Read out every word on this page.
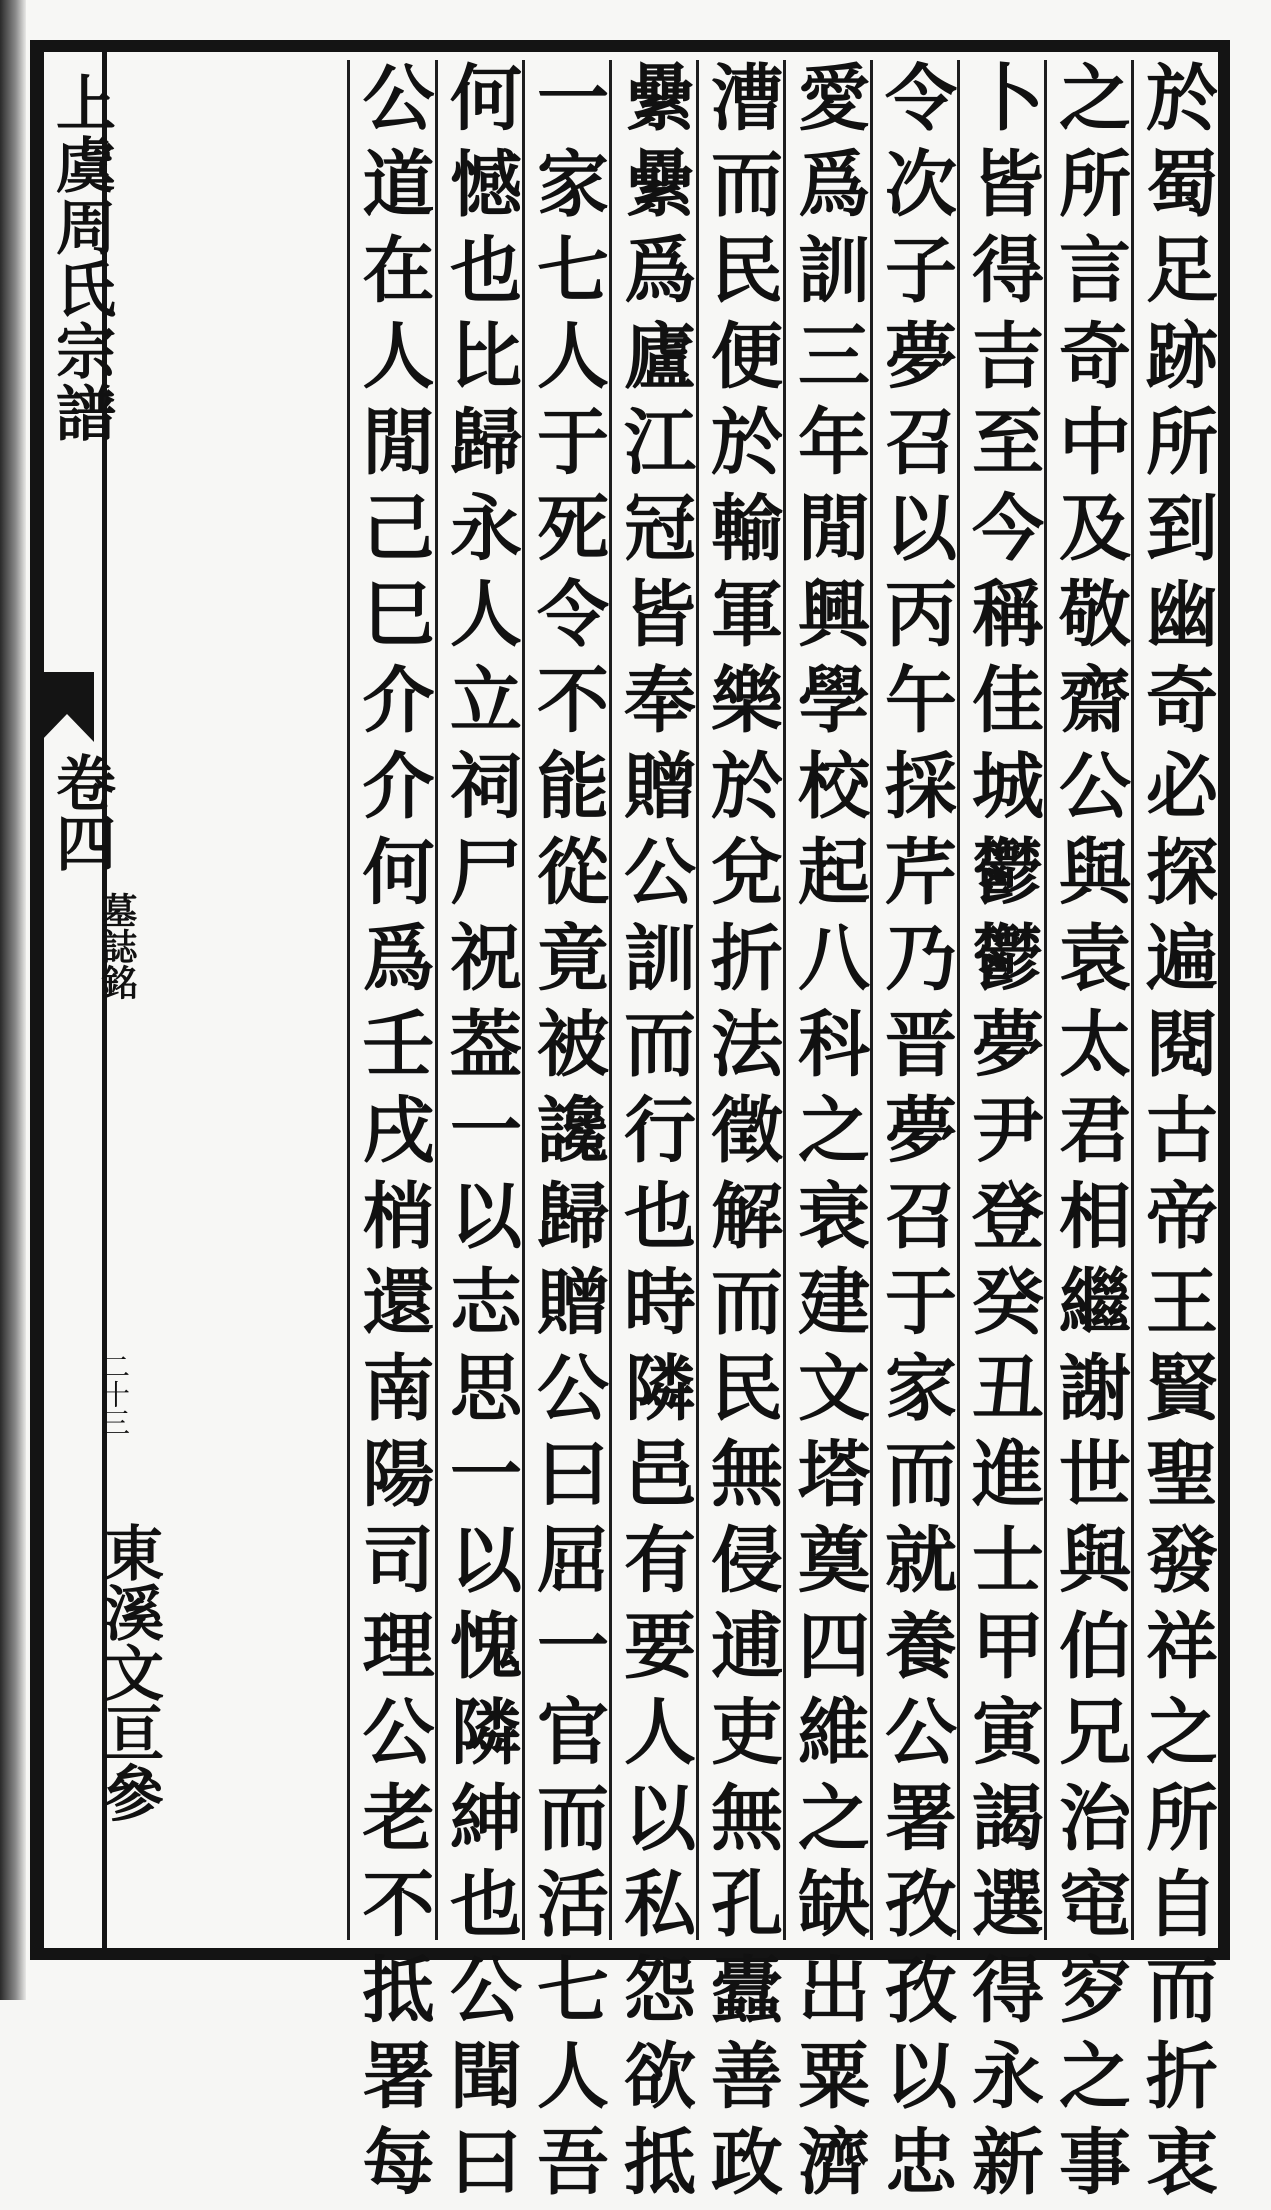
上虞周氏宗譜
卷四
墓誌銘
二十三
東溪文亘參	於蜀足跡所到幽奇必探遍閱古帝王賢聖發祥之所自而折衷
之所言奇中及敬齋公與袁太君相繼謝世與伯兄治窀穸之事
卜皆得吉至今稱佳城鬱鬱夢尹登癸丑進士甲寅謁選得永新
令次子夢召以丙午採芹乃晋夢召于家而就養公署孜孜以忠
愛爲訓三年閒興學校起八科之衰建文塔奠四維之缺出粟濟
漕而民便於輸軍樂於兌折法徵解而民無侵逋吏無孔蠹善政
纍纍爲廬江冠皆奉贈公訓而行也時隣邑有要人以私怨欲抵
一家七人于死令不能從竟被讒歸贈公曰屈一官而活七人吾
何憾也比歸永人立祠尸祝葢一以志思一以愧隣紳也公聞曰
公道在人閒己巳介介何爲壬戌梢還南陽司理公老不抵署每
